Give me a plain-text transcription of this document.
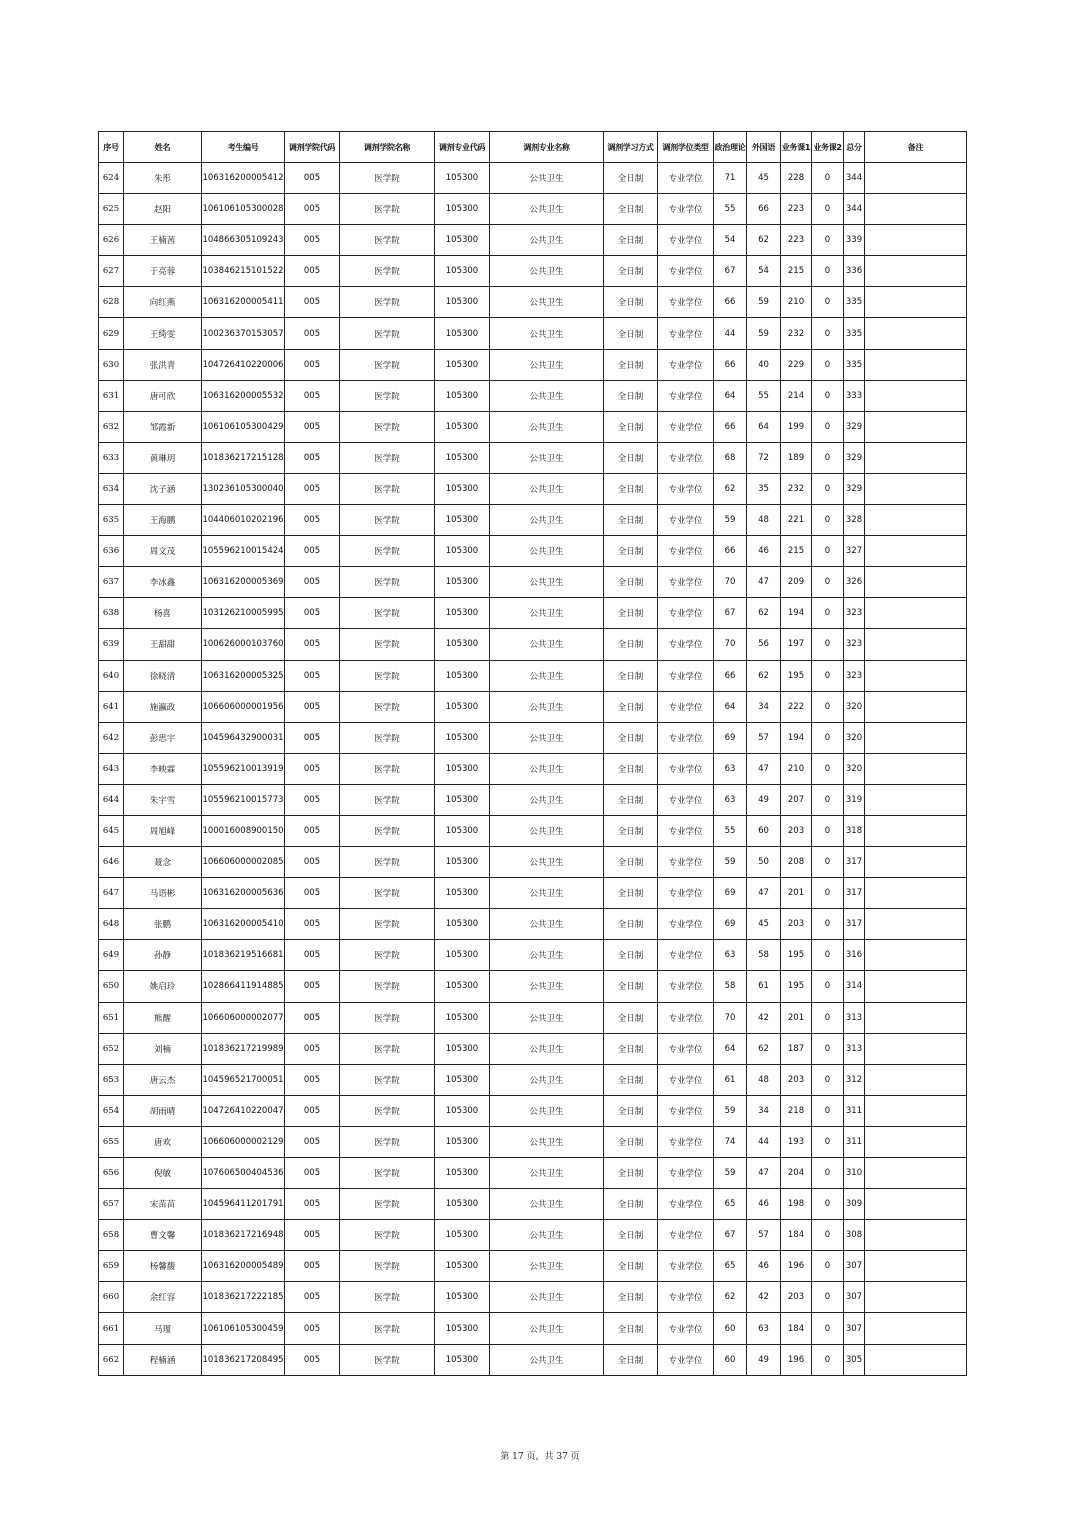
序号	姓名	考生编号	调剂学院代码	调剂学院名称	调剂专业代码	调剂专业名称	调剂学习方式	调剂学位类型	政治理论	外国语	业务课1	业务课2	总分	备注
624	朱彤	106316200005412	005	医学院	105300	公共卫生	全日制	专业学位	71	45	228	0	344	
625	赵阳	106106105300028	005	医学院	105300	公共卫生	全日制	专业学位	55	66	223	0	344	
626	王楠茜	104866305109243	005	医学院	105300	公共卫生	全日制	专业学位	54	62	223	0	339	
627	于亮蓉	103846215101522	005	医学院	105300	公共卫生	全日制	专业学位	67	54	215	0	336	
628	向红燕	106316200005411	005	医学院	105300	公共卫生	全日制	专业学位	66	59	210	0	335	
629	王绮雯	100236370153057	005	医学院	105300	公共卫生	全日制	专业学位	44	59	232	0	335	
630	张洪青	104726410220006	005	医学院	105300	公共卫生	全日制	专业学位	66	40	229	0	335	
631	唐可欣	106316200005532	005	医学院	105300	公共卫生	全日制	专业学位	64	55	214	0	333	
632	邹霞新	106106105300429	005	医学院	105300	公共卫生	全日制	专业学位	66	64	199	0	329	
633	黄琳玥	101836217215128	005	医学院	105300	公共卫生	全日制	专业学位	68	72	189	0	329	
634	沈子涵	130236105300040	005	医学院	105300	公共卫生	全日制	专业学位	62	35	232	0	329	
635	王海鹏	104406010202196	005	医学院	105300	公共卫生	全日制	专业学位	59	48	221	0	328	
636	周文茂	105596210015424	005	医学院	105300	公共卫生	全日制	专业学位	66	46	215	0	327	
637	李冰鑫	106316200005369	005	医学院	105300	公共卫生	全日制	专业学位	70	47	209	0	326	
638	杨喜	103126210005995	005	医学院	105300	公共卫生	全日制	专业学位	67	62	194	0	323	
639	王甜甜	100626000103760	005	医学院	105300	公共卫生	全日制	专业学位	70	56	197	0	323	
640	徐晓清	106316200005325	005	医学院	105300	公共卫生	全日制	专业学位	66	62	195	0	323	
641	施瀛政	106606000001956	005	医学院	105300	公共卫生	全日制	专业学位	64	34	222	0	320	
642	彭思宇	104596432900031	005	医学院	105300	公共卫生	全日制	专业学位	69	57	194	0	320	
643	李映霖	105596210013919	005	医学院	105300	公共卫生	全日制	专业学位	63	47	210	0	320	
644	朱宇雪	105596210015773	005	医学院	105300	公共卫生	全日制	专业学位	63	49	207	0	319	
645	周旭峰	100016008900150	005	医学院	105300	公共卫生	全日制	专业学位	55	60	203	0	318	
646	聂念	106606000002085	005	医学院	105300	公共卫生	全日制	专业学位	59	50	208	0	317	
647	马语彬	106316200005636	005	医学院	105300	公共卫生	全日制	专业学位	69	47	201	0	317	
648	张鹏	106316200005410	005	医学院	105300	公共卫生	全日制	专业学位	69	45	203	0	317	
649	孙静	101836219516681	005	医学院	105300	公共卫生	全日制	专业学位	63	58	195	0	316	
650	姚启玲	102866411914885	005	医学院	105300	公共卫生	全日制	专业学位	58	61	195	0	314	
651	熊醒	106606000002077	005	医学院	105300	公共卫生	全日制	专业学位	70	42	201	0	313	
652	刘楠	101836217219989	005	医学院	105300	公共卫生	全日制	专业学位	64	62	187	0	313	
653	唐云杰	104596521700051	005	医学院	105300	公共卫生	全日制	专业学位	61	48	203	0	312	
654	胡雨晴	104726410220047	005	医学院	105300	公共卫生	全日制	专业学位	59	34	218	0	311	
655	唐欢	106606000002129	005	医学院	105300	公共卫生	全日制	专业学位	74	44	193	0	311	
656	倪敏	107606500404536	005	医学院	105300	公共卫生	全日制	专业学位	59	47	204	0	310	
657	宋苗苗	104596411201791	005	医学院	105300	公共卫生	全日制	专业学位	65	46	198	0	309	
658	曹文馨	101836217216948	005	医学院	105300	公共卫生	全日制	专业学位	67	57	184	0	308	
659	杨馨馥	106316200005489	005	医学院	105300	公共卫生	全日制	专业学位	65	46	196	0	307	
660	余红容	101836217222185	005	医学院	105300	公共卫生	全日制	专业学位	62	42	203	0	307	
661	马瑾	106106105300459	005	医学院	105300	公共卫生	全日制	专业学位	60	63	184	0	307	
662	程楠涵	101836217208495	005	医学院	105300	公共卫生	全日制	专业学位	60	49	196	0	305	
第 17 页，共 37 页
